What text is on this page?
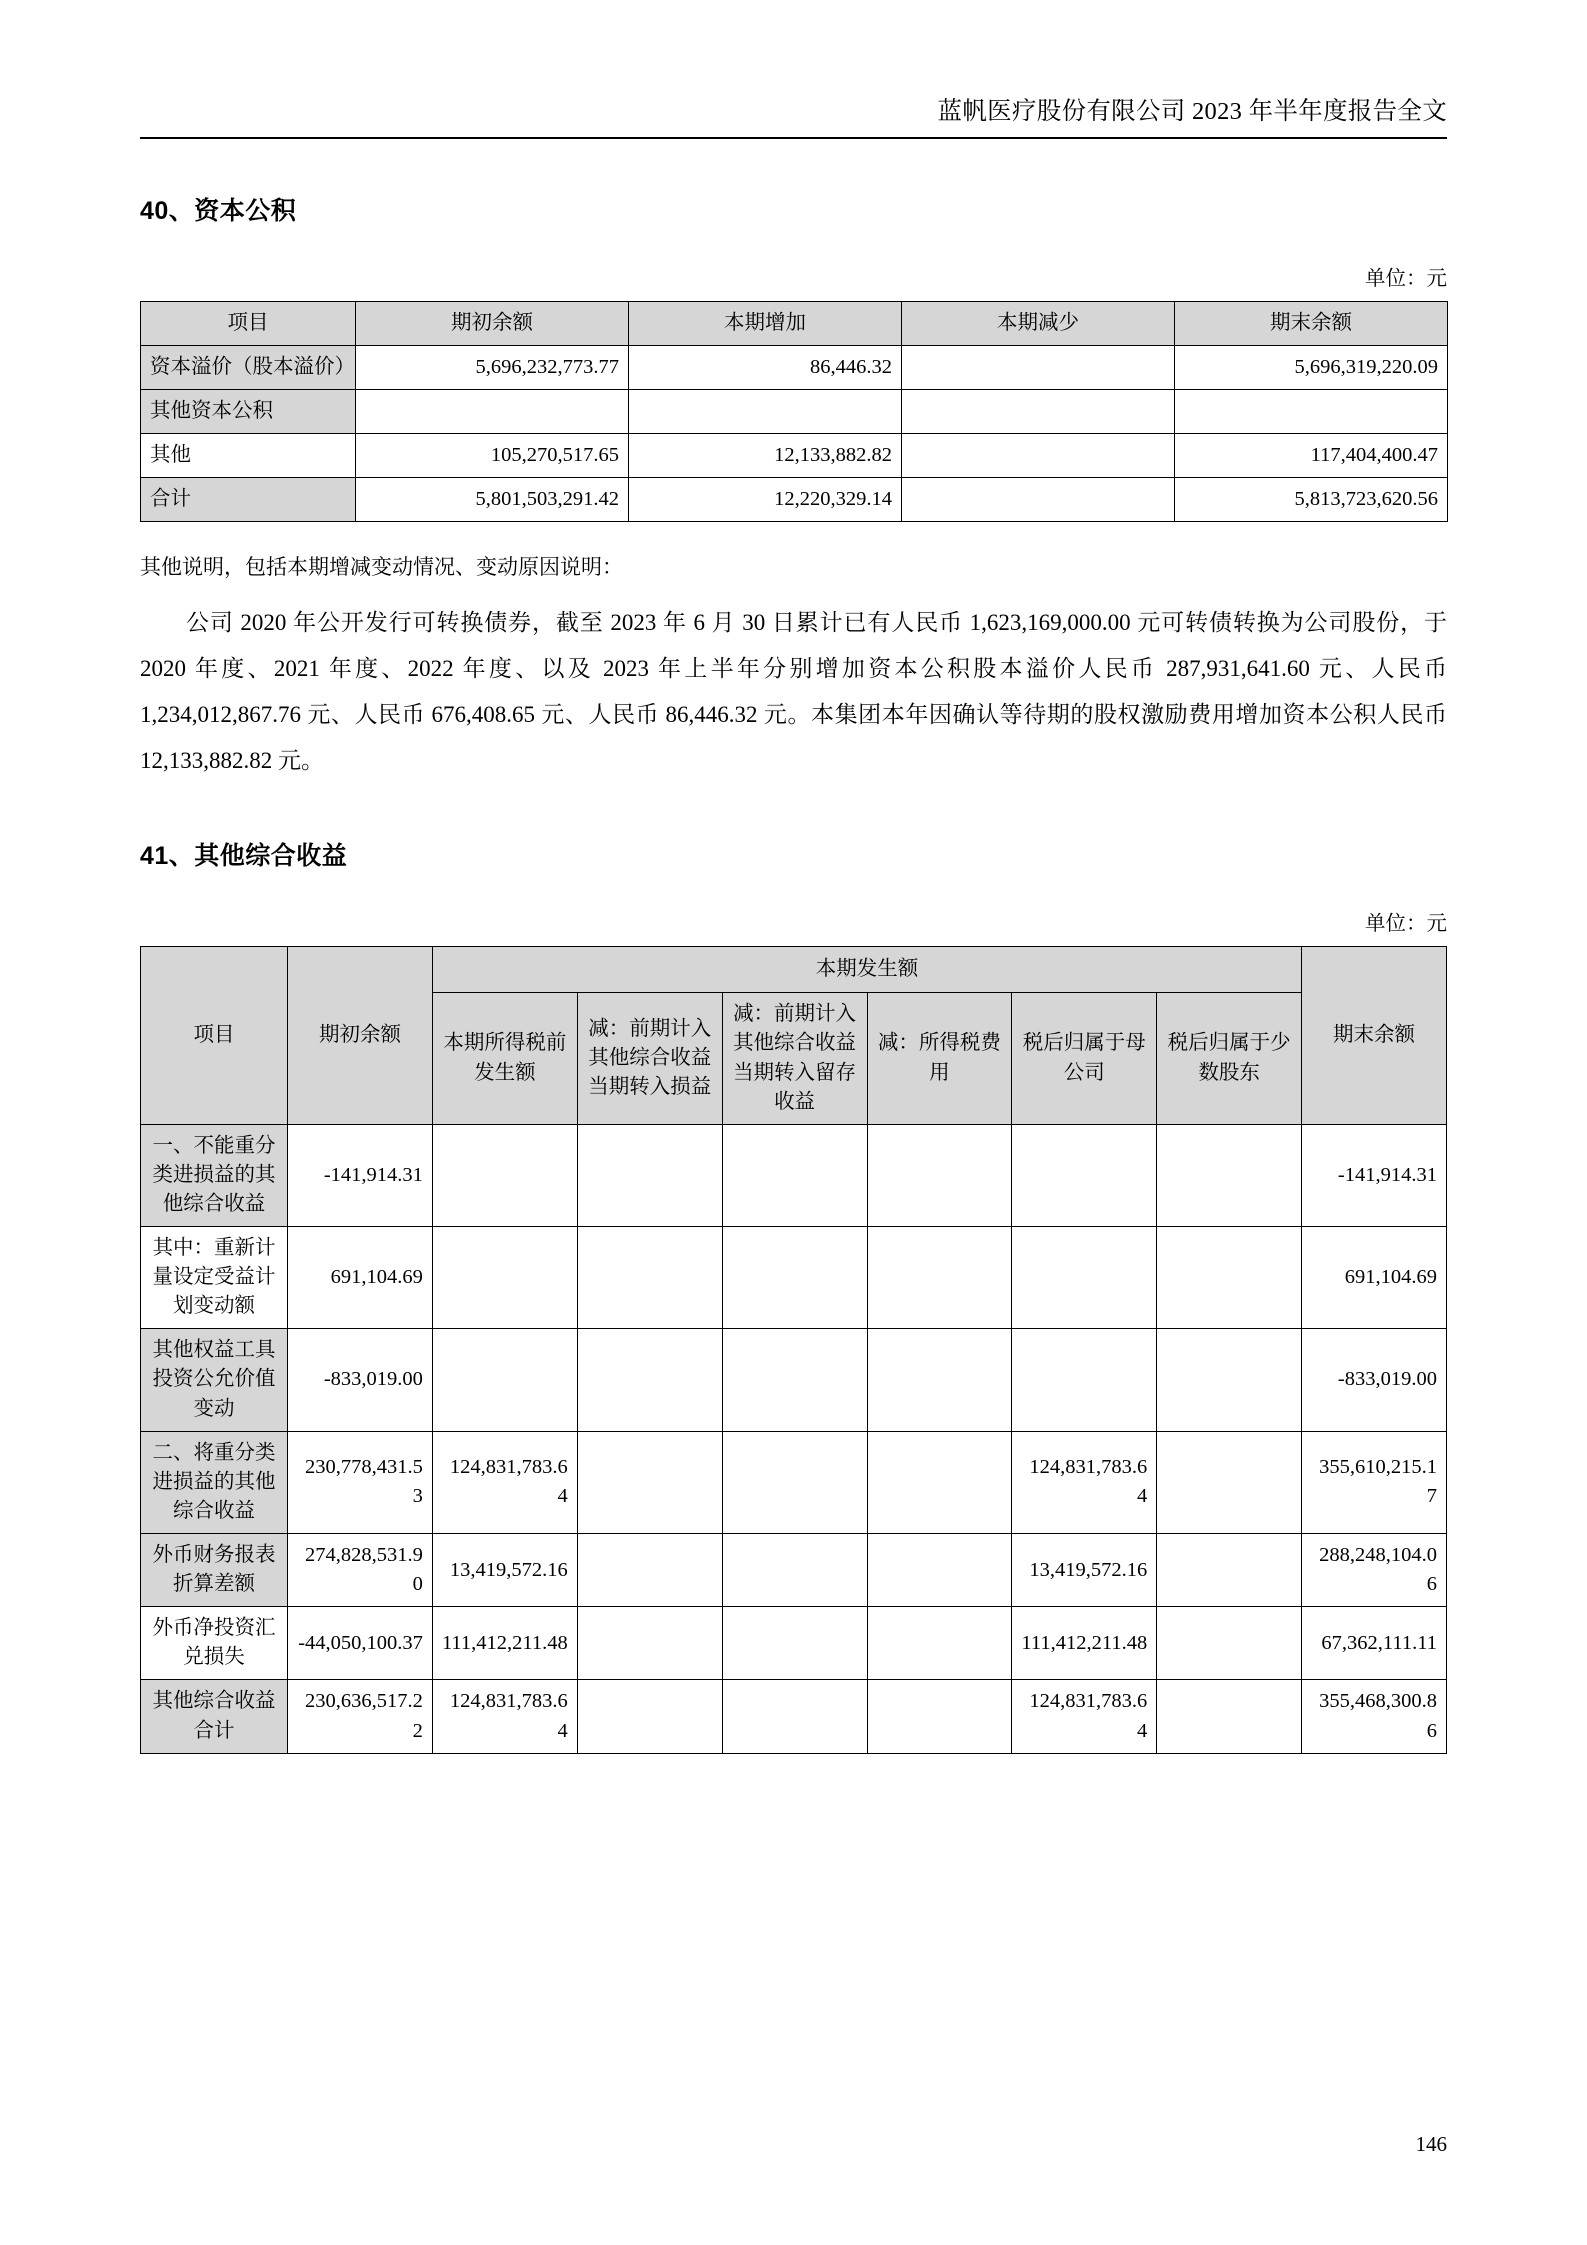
蓝帆医疗股份有限公司 2023 年半年度报告全文
40、资本公积
单位：元
项目	期初余额	本期增加	本期减少	期末余额
资本溢价（股本溢价）	5,696,232,773.77	86,446.32		5,696,319,220.09
其他资本公积				
其他	105,270,517.65	12,133,882.82		117,404,400.47
合计	5,801,503,291.42	12,220,329.14		5,813,723,620.56

其他说明，包括本期增减变动情况、变动原因说明：

公司 2020 年公开发行可转换债券，截至 2023 年 6 月 30 日累计已有人民币 1,623,169,000.00 元可转债转换为公司股份，于 2020 年度、2021 年度、2022 年度、以及 2023 年上半年分别增加资本公积股本溢价人民币 287,931,641.60 元、人民币 1,234,012,867.76 元、人民币 676,408.65 元、人民币 86,446.32 元。本集团本年因确认等待期的股权激励费用增加资本公积人民币 12,133,882.82 元。

41、其他综合收益
单位：元
项目	期初余额	本期发生额						期末余额
		本期所得税前发生额	减：前期计入其他综合收益当期转入损益	减：前期计入其他综合收益当期转入留存收益	减：所得税费用	税后归属于母公司	税后归属于少数股东	
一、不能重分类进损益的其他综合收益	-141,914.31							-141,914.31
其中：重新计量设定受益计划变动额	691,104.69							691,104.69
其他权益工具投资公允价值变动	-833,019.00							-833,019.00
二、将重分类进损益的其他综合收益	230,778,431.53	124,831,783.64				124,831,783.64		355,610,215.17
外币财务报表折算差额	274,828,531.90	13,419,572.16				13,419,572.16		288,248,104.06
外币净投资汇兑损失	-44,050,100.37	111,412,211.48				111,412,211.48		67,362,111.11
其他综合收益合计	230,636,517.22	124,831,783.64				124,831,783.64		355,468,300.86
146
